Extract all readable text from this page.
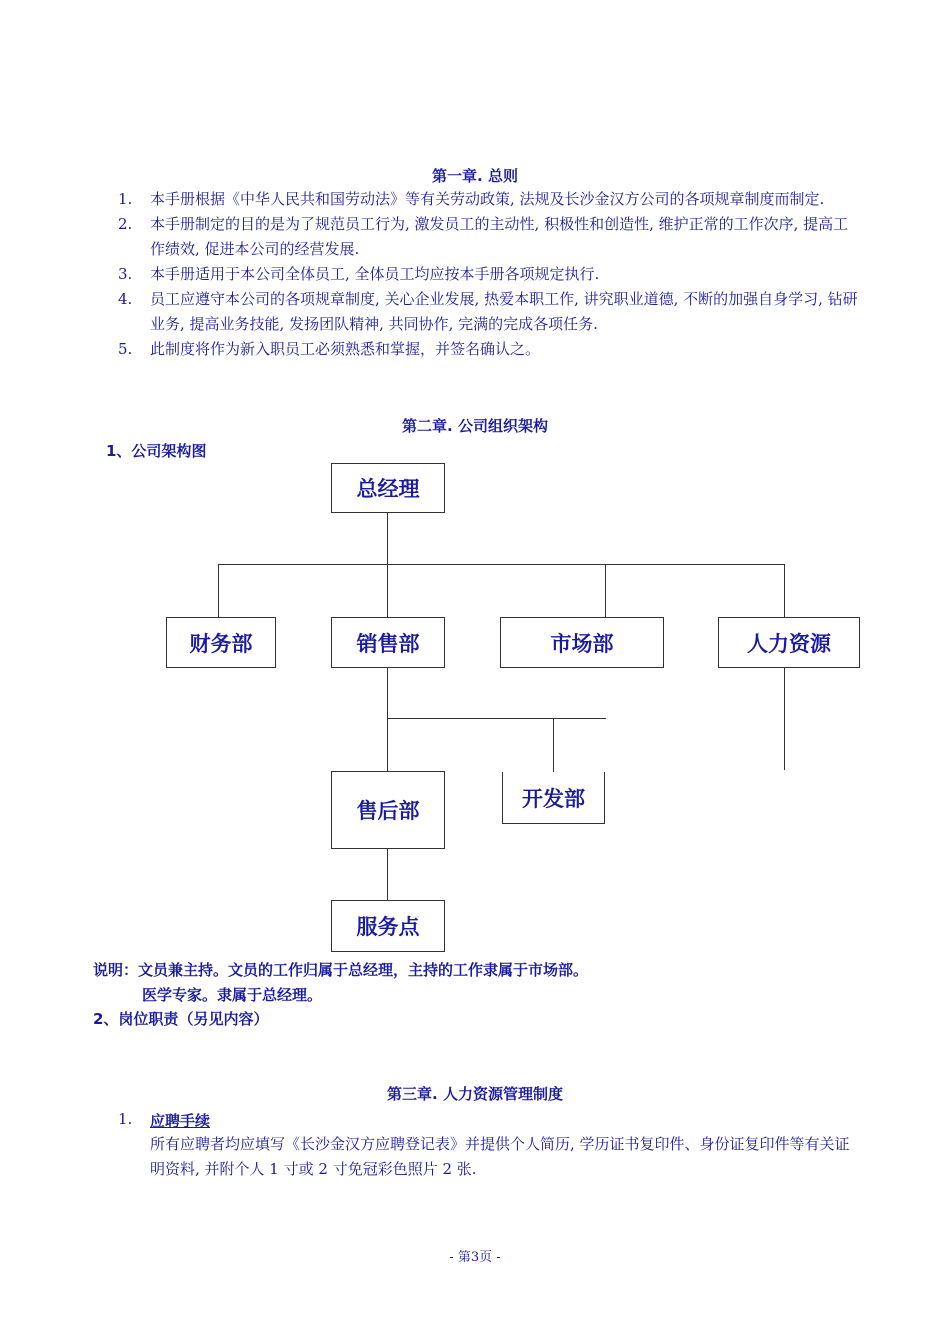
第一章. 总则
1. 本手册根据《中华人民共和国劳动法》等有关劳动政策, 法规及长沙金汉方公司的各项规章制度而制定.
2. 本手册制定的目的是为了规范员工行为, 激发员工的主动性, 积极性和创造性, 维护正常的工作次序, 提高工作绩效, 促进本公司的经营发展.
3. 本手册适用于本公司全体员工, 全体员工均应按本手册各项规定执行.
4. 员工应遵守本公司的各项规章制度, 关心企业发展, 热爱本职工作, 讲究职业道德, 不断的加强自身学习, 钻研业务, 提高业务技能, 发扬团队精神, 共同协作, 完满的完成各项任务.
5. 此制度将作为新入职员工必须熟悉和掌握，并签名确认之。
第二章. 公司组织架构
1、公司架构图
总经理
财务部	销售部	市场部	人力资源
售后部
开发部
服务点
说明：文员兼主持。文员的工作归属于总经理，主持的工作隶属于市场部。
医学专家。隶属于总经理。
2、岗位职责（另见内容）
第三章. 人力资源管理制度
1. 应聘手续
所有应聘者均应填写《长沙金汉方应聘登记表》并提供个人简历, 学历证书复印件、身份证复印件等有关证明资料, 并附个人 1 寸或 2 寸免冠彩色照片 2 张.
- 第3页 -
